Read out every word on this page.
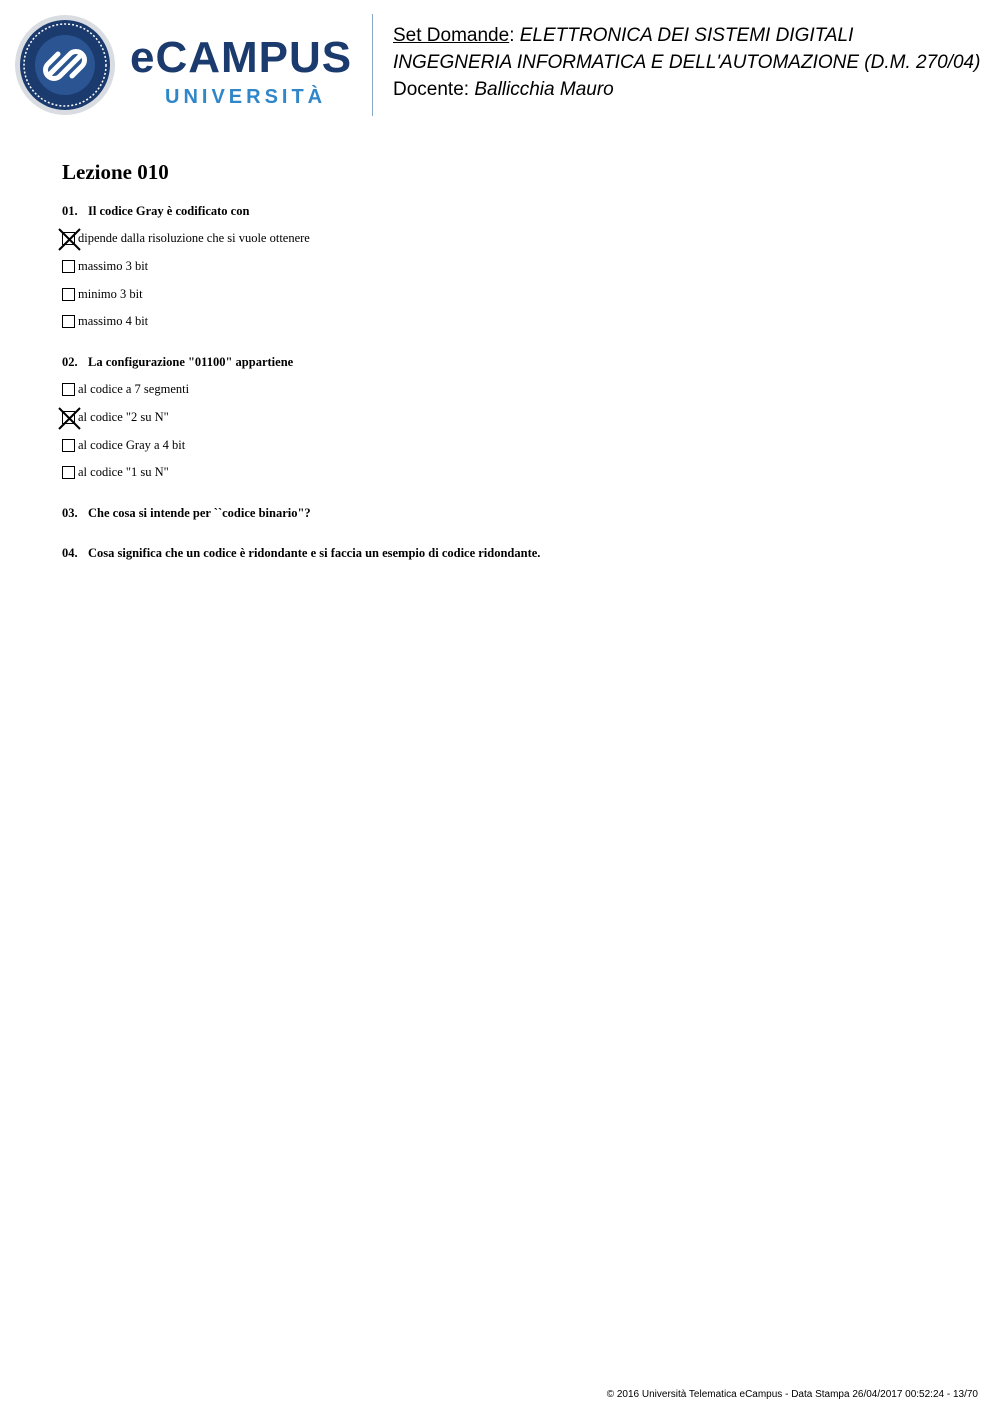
eCAMPUS
UNIVERSITÀ
Set Domande: ELETTRONICA DEI SISTEMI DIGITALI
INGEGNERIA INFORMATICA E DELL'AUTOMAZIONE (D.M. 270/04)
Docente: Ballicchia Mauro
Lezione 010
01. Il codice Gray è codificato con
dipende dalla risoluzione che si vuole ottenere
massimo 3 bit
minimo 3 bit
massimo 4 bit
02. La configurazione "01100" appartiene
al codice a 7 segmenti
al codice "2 su N"
al codice Gray a 4 bit
al codice "1 su N"
03. Che cosa si intende per ``codice binario"?
04. Cosa significa che un codice è ridondante e si faccia un esempio di codice ridondante.
© 2016 Università Telematica eCampus - Data Stampa 26/04/2017 00:52:24 - 13/70
